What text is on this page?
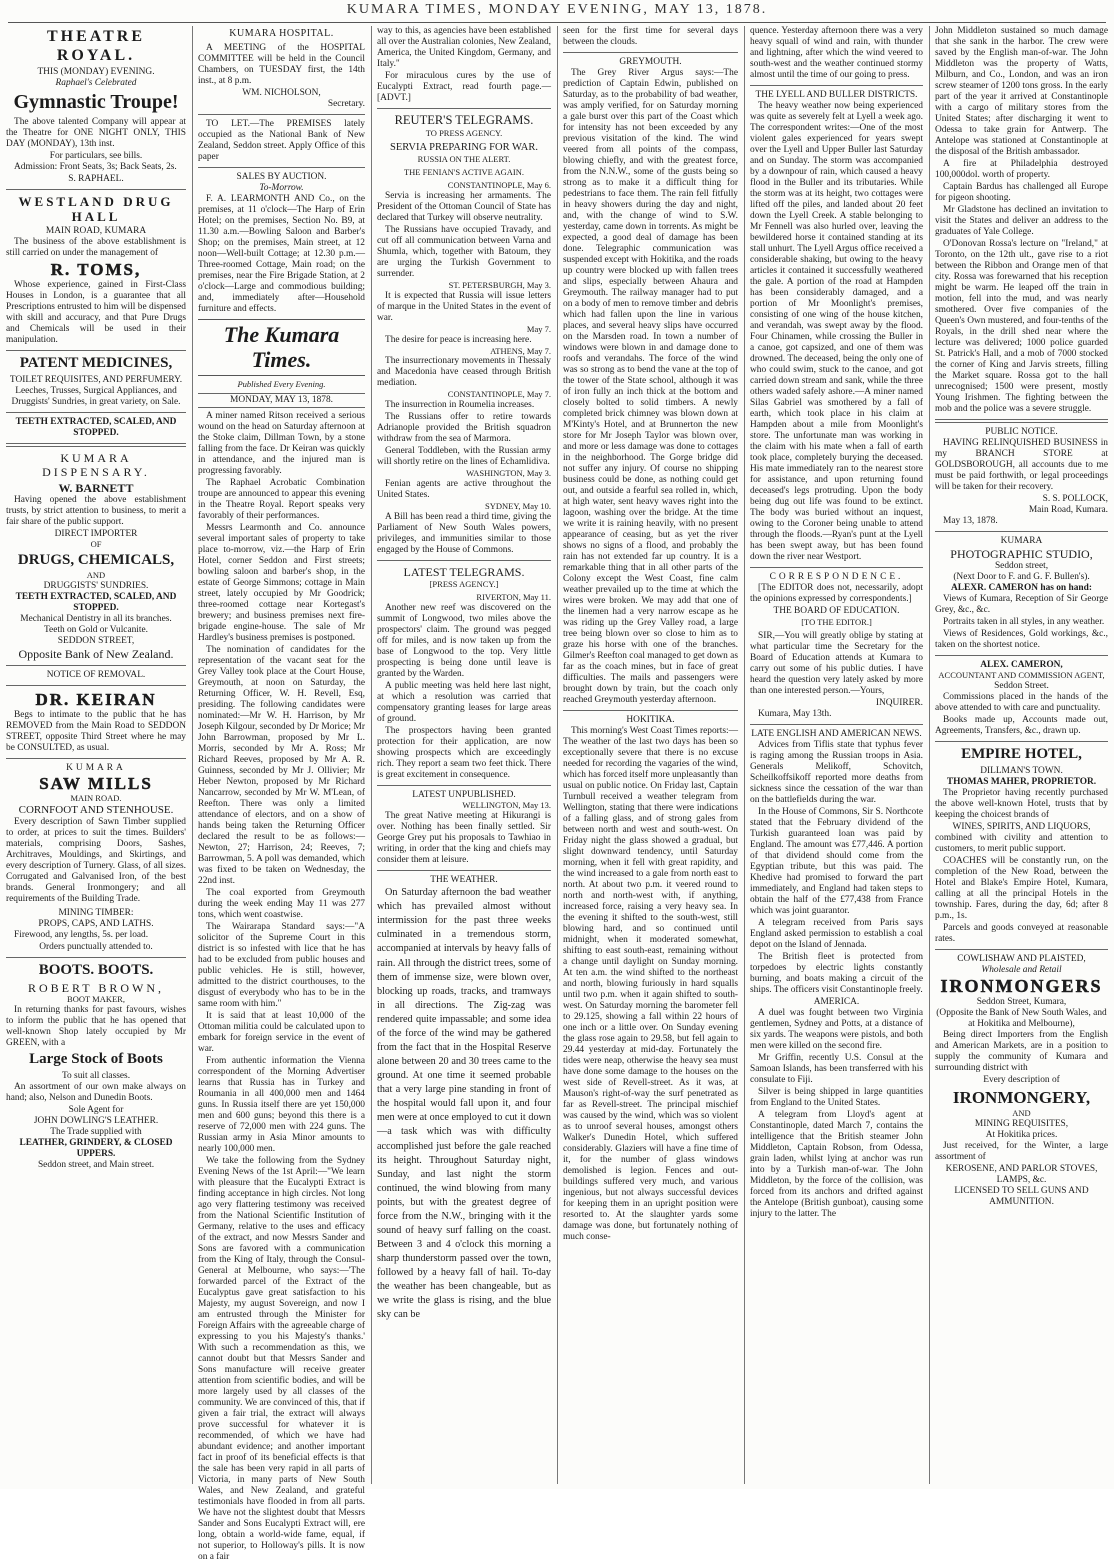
KUMARA TIMES, MONDAY EVENING, MAY 13, 1878.
THEATRE ROYAL.
THIS (MONDAY) EVENING.
Raphael's Celebrated
Gymnastic Troupe!

The above talented Company will appear at the Theatre for ONE NIGHT ONLY, THIS DAY (MONDAY), 13th inst.

For particulars, see bills.

Admission: Front Seats, 3s; Back Seats, 2s.

S. RAPHAEL.
WESTLAND DRUG HALL
MAIN ROAD, KUMARA

The business of the above establishment is still carried on under the management of

R. TOMS,

Whose experience, gained in First-Class Houses in London, is a guarantee that all Prescriptions entrusted to him will be dispensed with skill and accuracy, and that Pure Drugs and Chemicals will be used in their manipulation.

PATENT MEDICINES,
TOILET REQUISITES, AND PERFUMERY.

Leeches, Trusses, Surgical Appliances, and Druggists' Sundries, in great variety, on Sale.

TEETH EXTRACTED, SCALED, AND STOPPED.
KUMARA DISPENSARY.
W. BARNETT

Having opened the above establishment trusts, by strict attention to business, to merit a fair share of the public support.

DIRECT IMPORTER
OF
DRUGS, CHEMICALS,
AND
DRUGGISTS' SUNDRIES.
TEETH EXTRACTED, SCALED, AND STOPPED.
Mechanical Dentistry in all its branches.
Teeth on Gold or Vulcanite.
SEDDON STREET,
Opposite Bank of New Zealand.
NOTICE OF REMOVAL.
DR. KEIRAN

Begs to intimate to the public that he has REMOVED from the Main Road to SEDDON STREET, opposite Third Street where he may be CONSULTED, as usual.

KUMARA
SAW MILLS
MAIN ROAD.
CORNFOOT AND STENHOUSE.

Every description of Sawn Timber supplied to order, at prices to suit the times. Builders' materials, comprising Doors, Sashes, Architraves, Mouldings, and Skirtings, and every description of Turnery. Glass, of all sizes. Corrugated and Galvanised Iron, of the best brands. General Ironmongery; and all requirements of the Building Trade.

MINING TIMBER:
PROPS, CAPS, AND LATHS.

Firewood, any lengths, 5s. per load.

Orders punctually attended to.
BOOTS. BOOTS.
ROBERT BROWN,
BOOT MAKER,

In returning thanks for past favours, wishes to inform the public that he has opened that well-known Shop lately occupied by Mr GREEN, with a

Large Stock of Boots
To suit all classes.

An assortment of our own make always on hand; also, Nelson and Dunedin Boots.

Sole Agent for
JOHN DOWLING'S LEATHER.
The Trade supplied with
LEATHER, GRINDERY, & CLOSED UPPERS.
Seddon street, and Main street.
KUMARA HOSPITAL.

A MEETING of the HOSPITAL COMMITTEE will be held in the Council Chambers, on TUESDAY first, the 14th inst., at 8 p.m.

WM. NICHOLSON,
Secretary.

TO LET.—The PREMISES lately occupied as the National Bank of New Zealand, Seddon street. Apply Office of this paper

SALES BY AUCTION.
To-Morrow.

F. A. LEARMONTH AND Co., on the premises, at 11 o'clock—The Harp of Erin Hotel; on the premises, Section No. B9, at 11.30 a.m.—Bowling Saloon and Barber's Shop; on the premises, Main street, at 12 noon—Well-built Cottage; at 12.30 p.m.—Three-roomed Cottage, Main road; on the premises, near the Fire Brigade Station, at 2 o'clock—Large and commodious building; and, immediately after—Household furniture and effects.

The Kumara Times.
Published Every Evening.
MONDAY, MAY 13, 1878.

A miner named Ritson received a serious wound on the head on Saturday afternoon at the Stoke claim, Dillman Town, by a stone falling from the face. Dr Keiran was quickly in attendance, and the injured man is progressing favorably.

The Raphael Acrobatic Combination troupe are announced to appear this evening in the Theatre Royal. Report speaks very favorably of their performances.

Messrs Learmonth and Co. announce several important sales of property to take place to-morrow, viz.—the Harp of Erin Hotel, corner Seddon and First streets; bowling saloon and barber's shop, in the estate of George Simmons; cottage in Main street, lately occupied by Mr Goodrick; three-roomed cottage near Kortegast's brewery; and business premises next fire-brigade engine-house. The sale of Mr Hardley's business premises is postponed.

The nomination of candidates for the representation of the vacant seat for the Grey Valley took place at the Court House, Greymouth, at noon on Saturday, the Returning Officer, W. H. Revell, Esq, presiding. The following candidates were nominated:—Mr W. H. Harrison, by Mr Joseph Kilgour, seconded by Dr Morice; Mr John Barrowman, proposed by Mr L. Morris, seconded by Mr A. Ross; Mr Richard Reeves, proposed by Mr A. R. Guinness, seconded by Mr J. Ollivier; Mr Heber Newton, proposed by Mr Richard Nancarrow, seconded by Mr W. M'Lean, of Reefton. There was only a limited attendance of electors, and on a show of hands being taken the Returning Officer declared the result to be as follows:—Newton, 27; Harrison, 24; Reeves, 7; Barrowman, 5. A poll was demanded, which was fixed to be taken on Wednesday, the 22nd inst.

The coal exported from Greymouth during the week ending May 11 was 277 tons, which went coastwise.

The Wairarapa Standard says:—"A solicitor of the Supreme Court in this district is so infested with lice that he has had to be excluded from public houses and public vehicles. He is still, however, admitted to the district courthouses, to the disgust of everybody who has to be in the same room with him."

It is said that at least 10,000 of the Ottoman militia could be calculated upon to embark for foreign service in the event of war.

From authentic information the Vienna correspondent of the Morning Advertiser learns that Russia has in Turkey and Roumania in all 400,000 men and 1464 guns. In Russia itself there are yet 150,000 men and 600 guns; beyond this there is a reserve of 72,000 men with 224 guns. The Russian army in Asia Minor amounts to nearly 100,000 men.

We take the following from the Sydney Evening News of the 1st April:—"We learn with pleasure that the Eucalypti Extract is finding acceptance in high circles. Not long ago very flattering testimony was received from the National Scientific Institution of Germany, relative to the uses and efficacy of the extract, and now Messrs Sander and Sons are favored with a communication from the King of Italy, through the Consul-General at Melbourne, who says:—'The forwarded parcel of the Extract of the Eucalyptus gave great satisfaction to his Majesty, my august Sovereign, and now I am entrusted through the Minister for Foreign Affairs with the agreeable charge of expressing to you his Majesty's thanks.' With such a recommendation as this, we cannot doubt but that Messrs Sander and Sons manufacture will receive greater attention from scientific bodies, and will be more largely used by all classes of the community. We are convinced of this, that if given a fair trial, the extract will always prove successful for whatever it is recommended, of which we have had abundant evidence; and another important fact in proof of its beneficial effects is that the sale has been very rapid in all parts of Victoria, in many parts of New South Wales, and New Zealand, and grateful testimonials have flooded in from all parts. We have not the slightest doubt that Messrs Sander and Sons Eucalypti Extract will, ere long, obtain a world-wide fame, equal, if not superior, to Holloway's pills. It is now on a fair

way to this, as agencies have been established all over the Australian colonies, New Zealand, America, the United Kingdom, Germany, and Italy."

For miraculous cures by the use of Eucalypti Extract, read fourth page.—[ADVT.]

REUTER'S TELEGRAMS.
TO PRESS AGENCY.
SERVIA PREPARING FOR WAR.
RUSSIA ON THE ALERT.
THE FENIAN'S ACTIVE AGAIN.
CONSTANTINOPLE, May 6.

Servia is increasing her armaments. The President of the Ottoman Council of State has declared that Turkey will observe neutrality.

The Russians have occupied Travady, and cut off all communication between Varna and Shumla, which, together with Batoum, they are urging the Turkish Government to surrender.

ST. PETERSBURGH, May 3.

It is expected that Russia will issue letters of marque in the United States in the event of war.

May 7.

The desire for peace is increasing here.

ATHENS, May 7.

The insurrectionary movements in Thessaly and Macedonia have ceased through British mediation.

CONSTANTINOPLE, May 7.

The insurrection in Roumelia increases.

The Russians offer to retire towards Adrianople provided the British squadron withdraw from the sea of Marmora.

General Toddleben, with the Russian army will shortly retire on the lines of Echamlidiva.

WASHINGTON, May 3.

Fenian agents are active throughout the United States.

SYDNEY, May 10.

A Bill has been read a third time, giving the Parliament of New South Wales powers, privileges, and immunities similar to those engaged by the House of Commons.

LATEST TELEGRAMS.
[PRESS AGENCY.]
RIVERTON, May 11.

Another new reef was discovered on the summit of Longwood, two miles above the prospectors' claim. The ground was pegged off for miles, and is now taken up from the base of Longwood to the top. Very little prospecting is being done until leave is granted by the Warden.

A public meeting was held here last night, at which a resolution was carried that compensatory granting leases for large areas of ground.

The prospectors having been granted protection for their application, are now showing prospects which are exceedingly rich. They report a seam two feet thick. There is great excitement in consequence.

LATEST UNPUBLISHED.
WELLINGTON, May 13.

The great Native meeting at Hikurangi is over. Nothing has been finally settled. Sir George Grey put his proposals to Tawhiao in writing, in order that the king and chiefs may consider them at leisure.

THE WEATHER.

On Saturday afternoon the bad weather which has prevailed almost without intermission for the past three weeks culminated in a tremendous storm, accompanied at intervals by heavy falls of rain. All through the district trees, some of them of immense size, were blown over, blocking up roads, tracks, and tramways in all directions. The Zig-zag was rendered quite impassable; and some idea of the force of the wind may be gathered from the fact that in the Hospital Reserve alone between 20 and 30 trees came to the ground. At one time it seemed probable that a very large pine standing in front of the hospital would fall upon it, and four men were at once employed to cut it down—a task which was with difficulty accomplished just before the gale reached its height. Throughout Saturday night, Sunday, and last night the storm continued, the wind blowing from many points, but with the greatest degree of force from the N.W., bringing with it the sound of heavy surf falling on the coast. Between 3 and 4 o'clock this morning a sharp thunderstorm passed over the town, followed by a heavy fall of hail. To-day the weather has been changeable, but as we write the glass is rising, and the blue sky can be

seen for the first time for several days between the clouds.

GREYMOUTH.

The Grey River Argus says:—The prediction of Captain Edwin, published on Saturday, as to the probability of bad weather, was amply verified, for on Saturday morning a gale burst over this part of the Coast which for intensity has not been exceeded by any previous visitation of the kind. The wind veered from all points of the compass, blowing chiefly, and with the greatest force, from the N.N.W., some of the gusts being so strong as to make it a difficult thing for pedestrians to face them. The rain fell fitfully in heavy showers during the day and night, and, with the change of wind to S.W. yesterday, came down in torrents. As might be expected, a good deal of damage has been done. Telegraphic communication was suspended except with Hokitika, and the roads up country were blocked up with fallen trees and slips, especially between Ahaura and Greymouth. The railway manager had to put on a body of men to remove timber and debris which had fallen upon the line in various places, and several heavy slips have occurred on the Marsden road. In town a number of windows were blown in and damage done to roofs and verandahs. The force of the wind was so strong as to bend the vane at the top of the tower of the State school, although it was of iron fully an inch thick at the bottom and closely bolted to solid timbers. A newly completed brick chimney was blown down at M'Kinty's Hotel, and at Brunnerton the new store for Mr Joseph Taylor was blown over, and more or less damage was done to cottages in the neighborhood. The Gorge bridge did not suffer any injury. Of course no shipping business could be done, as nothing could get out, and outside a fearful sea rolled in, which, at high water, sent heavy waves right into the lagoon, washing over the bridge. At the time we write it is raining heavily, with no present appearance of ceasing, but as yet the river shows no signs of a flood, and probably the rain has not extended far up country. It is a remarkable thing that in all other parts of the Colony except the West Coast, fine calm weather prevailed up to the time at which the wires were broken. We may add that one of the linemen had a very narrow escape as he was riding up the Grey Valley road, a large tree being blown over so close to him as to graze his horse with one of the branches. Gilmer's Reefton coal managed to get down as far as the coach mines, but in face of great difficulties. The mails and passengers were brought down by train, but the coach only reached Greymouth yesterday afternoon.

HOKITIKA.

This morning's West Coast Times reports:—The weather of the last two days has been so exceptionally severe that there is no excuse needed for recording the vagaries of the wind, which has forced itself more unpleasantly than usual on public notice. On Friday last, Captain Turnbull received a weather telegram from Wellington, stating that there were indications of a falling glass, and of strong gales from between north and west and south-west. On Friday night the glass showed a gradual, but slight downward tendency, until Saturday morning, when it fell with great rapidity, and the wind increased to a gale from north east to north. At about two p.m. it veered round to north and north-west with, if anything, increased force, raising a very heavy sea. In the evening it shifted to the south-west, still blowing hard, and so continued until midnight, when it moderated somewhat, shifting to east south-east, remaining without a change until daylight on Sunday morning. At ten a.m. the wind shifted to the northeast and north, blowing furiously in hard squalls until two p.m. when it again shifted to south-west. On Saturday morning the barometer fell to 29.125, showing a fall within 22 hours of one inch or a little over. On Sunday evening the glass rose again to 29.58, but fell again to 29.44 yesterday at mid-day. Fortunately the tides were neap, otherwise the heavy sea must have done some damage to the houses on the west side of Revell-street. As it was, at Mauson's right-of-way the surf penetrated as far as Revell-street. The principal mischief was caused by the wind, which was so violent as to unroof several houses, amongst others Walker's Dunedin Hotel, which suffered considerably. Glaziers will have a fine time of it, for the number of glass windows demolished is legion. Fences and out-buildings suffered very much, and various ingenious, but not always successful devices for keeping them in an upright position were resorted to. At the slaughter yards some damage was done, but fortunately nothing of much conse-

quence. Yesterday afternoon there was a very heavy squall of wind and rain, with thunder and lightning, after which the wind veered to south-west and the weather continued stormy almost until the time of our going to press.

THE LYELL AND BULLER DISTRICTS.

The heavy weather now being experienced was quite as severely felt at Lyell a week ago. The correspondent writes:—One of the most violent gales experienced for years swept over the Lyell and Upper Buller last Saturday and on Sunday. The storm was accompanied by a downpour of rain, which caused a heavy flood in the Buller and its tributaries. While the storm was at its height, two cottages were lifted off the piles, and landed about 20 feet down the Lyell Creek. A stable belonging to Mr Fennell was also hurled over, leaving the bewildered horse it contained standing at its stall unhurt. The Lyell Argus office received a considerable shaking, but owing to the heavy articles it contained it successfully weathered the gale. A portion of the road at Hampden has been considerably damaged, and a portion of Mr Moonlight's premises, consisting of one wing of the house kitchen, and verandah, was swept away by the flood. Four Chinamen, while crossing the Buller in a canoe, got capsized, and one of them was drowned. The deceased, being the only one of who could swim, stuck to the canoe, and got carried down stream and sank, while the three others waded safely ashore.—A miner named Silas Gabriel was smothered by a fall of earth, which took place in his claim at Hampden about a mile from Moonlight's store. The unfortunate man was working in the claim with his mate when a fall of earth took place, completely burying the deceased. His mate immediately ran to the nearest store for assistance, and upon returning found deceased's legs protruding. Upon the body being dug out life was found to be extinct. The body was buried without an inquest, owing to the Coroner being unable to attend through the floods.—Ryan's punt at the Lyell has been swept away, but has been found down the river near Westport.

CORRESPONDENCE.

[The EDITOR does not, necessarily, adopt the opinions expressed by correspondents.]

THE BOARD OF EDUCATION.
[TO THE EDITOR.]

SIR,—You will greatly oblige by stating at what particular time the Secretary for the Board of Education attends at Kumara to carry out some of his public duties. I have heard the question very lately asked by more than one interested person.—Yours,

INQUIRER.

Kumara, May 13th.

LATE ENGLISH AND AMERICAN NEWS.

Advices from Tiflis state that typhus fever is raging among the Russian troops in Asia. Generals Melikoff, Schovitch, Scheilkoffsikoff reported more deaths from sickness since the cessation of the war than on the battlefields during the war.

In the House of Commons, Sir S. Northcote stated that the February dividend of the Turkish guaranteed loan was paid by England. The amount was £77,446. A portion of that dividend should come from the Egyptian tribute, but this was paid. The Khedive had promised to forward the part immediately, and England had taken steps to obtain the half of the £77,438 from France which was joint guarantor.

A telegram received from Paris says England asked permission to establish a coal depot on the Island of Jennada.

The British fleet is protected from torpedoes by electric lights constantly burning, and boats making a circuit of the ships. The officers visit Constantinople freely.

AMERICA.

A duel was fought between two Virginia gentlemen, Sydney and Potts, at a distance of six yards. The weapons were pistols, and both men were killed on the second fire.

Mr Griffin, recently U.S. Consul at the Samoan Islands, has been transferred with his consulate to Fiji.

Silver is being shipped in large quantities from England to the United States.

A telegram from Lloyd's agent at Constantinople, dated March 7, contains the intelligence that the British steamer John Middleton, Captain Robson, from Odessa, grain laden, whilst lying at anchor was run into by a Turkish man-of-war. The John Middleton, by the force of the collision, was forced from its anchors and drifted against the Antelope (British gunboat), causing some injury to the latter. The

John Middleton sustained so much damage that she sank in the harbor. The crew were saved by the English man-of-war. The John Middleton was the property of Watts, Milburn, and Co., London, and was an iron screw steamer of 1200 tons gross. In the early part of the year it arrived at Constantinople with a cargo of military stores from the United States; after discharging it went to Odessa to take grain for Antwerp. The Antelope was stationed at Constantinople at the disposal of the British ambassador.

A fire at Philadelphia destroyed 100,000dol. worth of property.

Captain Bardus has challenged all Europe for pigeon shooting.

Mr Gladstone has declined an invitation to visit the States and deliver an address to the graduates of Yale College.

O'Donovan Rossa's lecture on "Ireland," at Toronto, on the 12th ult., gave rise to a riot between the Ribbon and Orange men of that city. Rossa was forewarned that his reception might be warm. He leaped off the train in motion, fell into the mud, and was nearly smothered. Over five companies of the Queen's Own mustered, and four-tenths of the Royals, in the drill shed near where the lecture was delivered; 1000 police guarded St. Patrick's Hall, and a mob of 7000 stocked the corner of King and Jarvis streets, filling the Market square. Rossa got to the hall unrecognised; 1500 were present, mostly Young Irishmen. The fighting between the mob and the police was a severe struggle.

PUBLIC NOTICE.

HAVING RELINQUISHED BUSINESS in my BRANCH STORE at GOLDSBOROUGH, all accounts due to me must be paid forthwith, or legal proceedings will be taken for their recovery.

S. S. POLLOCK,
Main Road, Kumara.

May 13, 1878.

KUMARA
PHOTOGRAPHIC STUDIO,
Seddon street,
(Next Door to F. and G. F. Bullen's).
ALEXR. CAMERON has on hand:

Views of Kumara, Reception of Sir George Grey, &c., &c.

Portraits taken in all styles, in any weather.

Views of Residences, Gold workings, &c., taken on the shortest notice.

ALEX. CAMERON,
ACCOUNTANT AND COMMISSION AGENT,
Seddon Street.

Commissions placed in the hands of the above attended to with care and punctuality.

Books made up, Accounts made out, Agreements, Transfers, &c., drawn up.

EMPIRE HOTEL,
DILLMAN'S TOWN.
THOMAS MAHER, PROPRIETOR.

The Proprietor having recently purchased the above well-known Hotel, trusts that by keeping the choicest brands of

WINES, SPIRITS, AND LIQUORS,

combined with civility and attention to customers, to merit public support.

COACHES will be constantly run, on the completion of the New Road, between the Hotel and Blake's Empire Hotel, Kumara, calling at all the principal Hotels in the township. Fares, during the day, 6d; after 8 p.m., 1s.

Parcels and goods conveyed at reasonable rates.

COWLISHAW AND PLAISTED,
Wholesale and Retail
IRONMONGERS
Seddon Street, Kumara,
(Opposite the Bank of New South Wales, and at Hokitika and Melbourne),

Being direct Importers from the English and American Markets, are in a position to supply the community of Kumara and surrounding district with

Every description of
IRONMONGERY,
AND
MINING REQUISITES,
At Hokitika prices.

Just received, for the Winter, a large assortment of

KEROSENE, AND PARLOR STOVES, LAMPS, &c.
LICENSED TO SELL GUNS AND AMMUNITION.
